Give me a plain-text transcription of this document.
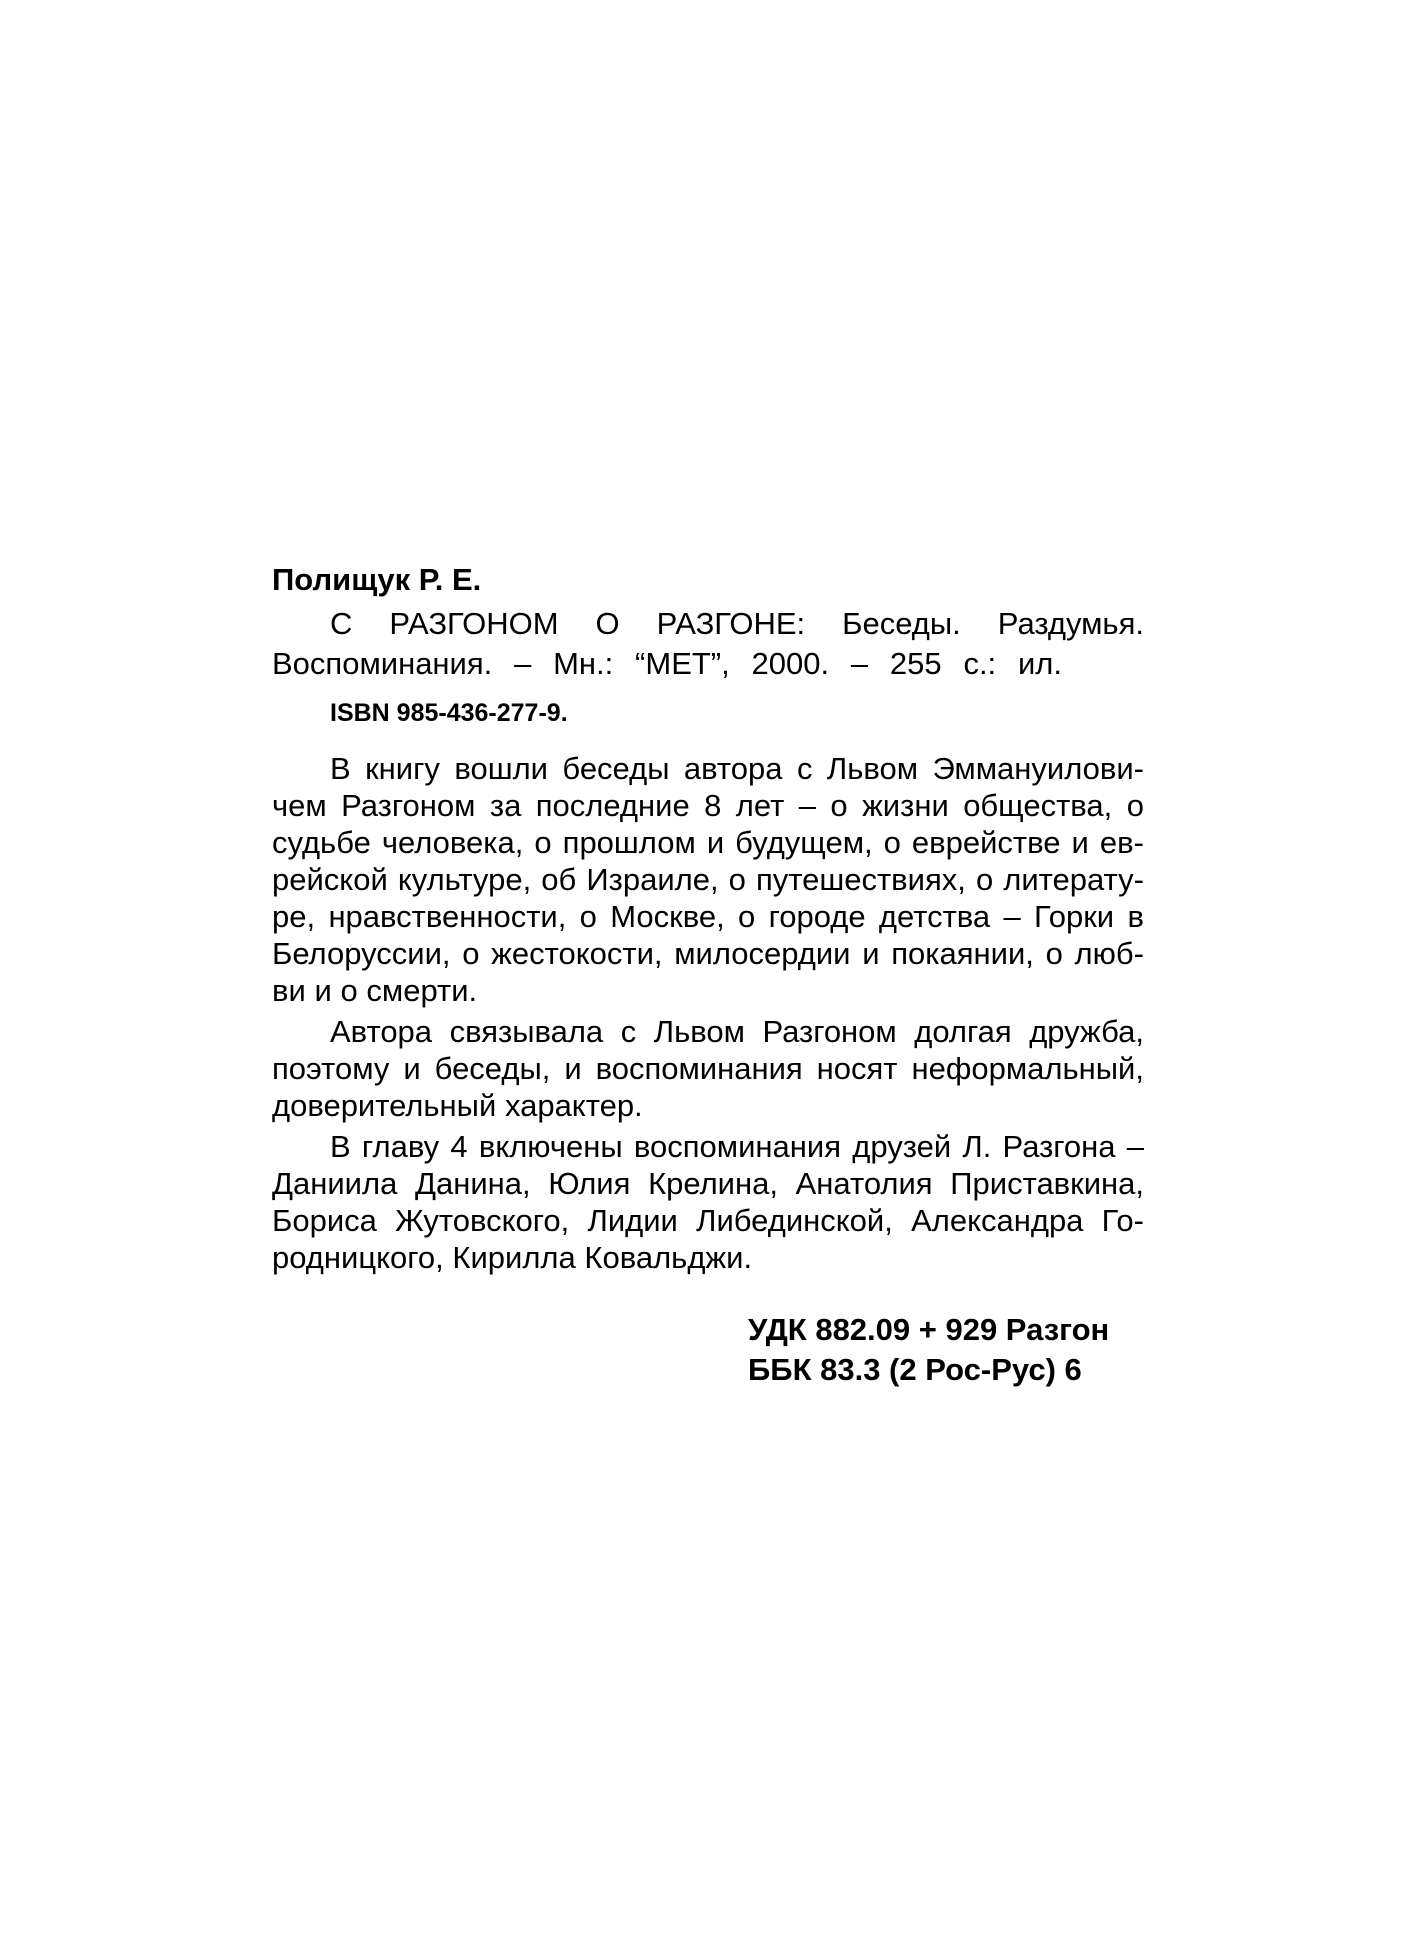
Полищук Р. Е.
С РАЗГОНОМ О РАЗГОНЕ: Беседы. Раздумья.
Воспоминания. – Мн.: “МЕТ”, 2000. – 255 с.: ил.
ISBN 985-436-277-9.
В книгу вошли беседы автора с Львом Эммануилови-
чем Разгоном за последние 8 лет – о жизни общества, о
судьбе человека, о прошлом и будущем, о еврействе и ев-
рейской культуре, об Израиле, о путешествиях, о литерату-
ре, нравственности, о Москве, о городе детства – Горки в
Белоруссии, о жестокости, милосердии и покаянии, о люб-
ви и о смерти.
Автора связывала с Львом Разгоном долгая дружба,
поэтому и беседы, и воспоминания носят неформальный,
доверительный характер.
В главу 4 включены воспоминания друзей Л. Разгона –
Даниила Данина, Юлия Крелина, Анатолия Приставкина,
Бориса Жутовского, Лидии Либединской, Александра Го-
родницкого, Кирилла Ковальджи.
УДК 882.09 + 929 Разгон
ББК 83.3 (2 Рос-Рус) 6
